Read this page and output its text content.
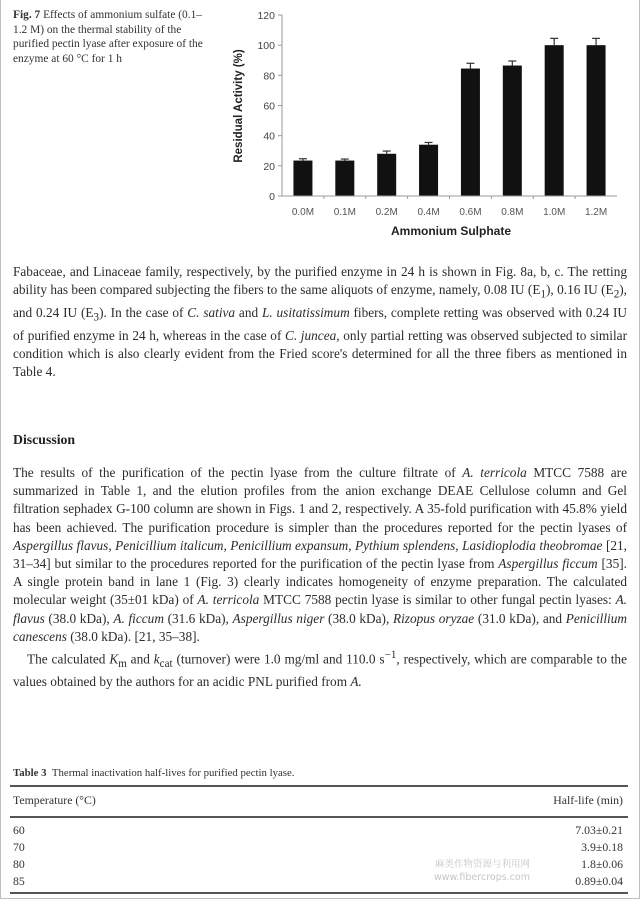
Fig. 7 Effects of ammonium sulfate (0.1–1.2 M) on the thermal stability of the purified pectin lyase after exposure of the enzyme at 60 °C for 1 h
0
20
40
60
80
100
120
0.0M 0.1M 0.2M 0.4M 0.6M 0.8M 1.0M 1.2M
Residual Activity (%)
Ammonium Sulphate
Fabaceae, and Linaceae family, respectively, by the purified enzyme in 24 h is shown in Fig. 8a, b, c. The retting ability has been compared subjecting the fibers to the same aliquots of enzyme, namely, 0.08 IU $(E_1)$, 0.16 IU $(E_2)$, and 0.24 IU $(E_3)$. In the case of C. sativa and L. usitatissimum fibers, complete retting was observed with 0.24 IU of purified enzyme in 24 h, whereas in the case of C. juncea, only partial retting was observed subjected to similar condition which is also clearly evident from the Fried score's determined for all the three fibers as mentioned in Table 4.
Discussion
The results of the purification of the pectin lyase from the culture filtrate of A. terricola MTCC 7588 are summarized in Table 1, and the elution profiles from the anion exchange DEAE Cellulose column and Gel filtration sephadex G-100 column are shown in Figs. 1 and 2, respectively. A 35-fold purification with 45.8% yield has been achieved. The purification procedure is simpler than the procedures reported for the pectin lyases of Aspergillus flavus, Penicillium italicum, Penicillium expansum, Pythium splendens, Lasidioplodia theobromae [21, 31–34] but similar to the procedures reported for the purification of the pectin lyase from Aspergillus ficcum [35]. A single protein band in lane 1 (Fig. 3) clearly indicates homogeneity of enzyme preparation. The calculated molecular weight (35±01 kDa) of A. terricola MTCC 7588 pectin lyase is similar to other fungal pectin lyases: A. flavus (38.0 kDa), A. ficcum (31.6 kDa), Aspergillus niger (38.0 kDa), Rizopus oryzae (31.0 kDa), and Penicillium canescens (38.0 kDa). [21, 35–38].
The calculated $K_m$ and $k_{cat}$ (turnover) were 1.0 mg/ml and 110.0 $s^{-1}$, respectively, which are comparable to the values obtained by the authors for an acidic PNL purified from A.
Table 3 Thermal inactivation half-lives for purified pectin lyase.
Temperature (°C)	Half-life (min)
60	7.03±0.21
70	3.9±0.18
80	1.8±0.06
85	0.89±0.04
麻类作物资源与利用网
www.fibercrops.com
